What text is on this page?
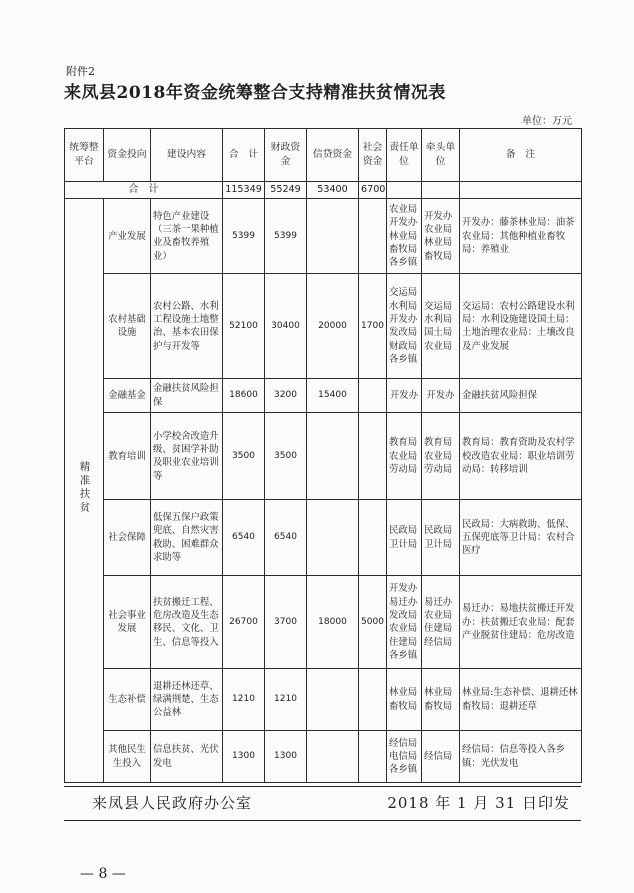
附件2
来凤县2018年资金统筹整合支持精准扶贫情况表
单位：万元
统筹整平台	资金投向	建设内容	合　计	财政资金	信贷资金	社会资金	责任单位	牵头单位	备　注
合　计			115349	55249	53400	6700			
精准扶贫	产业发展	特色产业建设（三茶一果种植业及畜牧养殖业）	5399	5399			农业局开发办林业局畜牧局各乡镇	开发办农业局林业局畜牧局	开发办：藤茶林业局：油茶农业局：其他种植业畜牧局：养殖业
	农村基础设施	农村公路、水利工程设施土地整治、基本农田保护与开发等	52100	30400	20000	1700	交运局水利局开发办发改局财政局各乡镇	交运局水利局国土局农业局	交运局：农村公路建设水利局：水利设施建设国土局：土地治理农业局：土壤改良及产业发展
	金融基金	金融扶贫风险担保	18600	3200	15400		开发办	开发办	金融扶贫风险担保
	教育培训	小学校舍改造升级、贫困学补助及职业农业培训等	3500	3500			教育局农业局劳动局	教育局农业局劳动局	教育局：教育资助及农村学校改造农业局：职业培训劳动局：转移培训
	社会保障	低保五保户政策兜底、自然灾害救助、困难群众求助等	6540	6540			民政局卫计局	民政局卫计局	民政局：大病救助、低保、五保兜底等卫计局：农村合医疗
	社会事业发展	扶贫搬迁工程、危房改造及生态移民、文化、卫生、信息等投入	26700	3700	18000	5000	开发办易迁办发改局农业局住建局各乡镇	易迁办农业局住建局经信局	易迁办：易地扶贫搬迁开发办：扶贫搬迁农业局：配套产业脱贫住建局：危房改造
	生态补偿	退耕还林还草、绿满荆楚、生态公益林	1210	1210			林业局畜牧局	林业局畜牧局	林业局:生态补偿、退耕还林畜牧局：退耕还草
	其他民生生投入	信息扶贫、光伏发电	1300	1300			经信局电信局各乡镇	经信局	经信局：信息等投入各乡镇：光伏发电
来凤县人民政府办公室	2018 年 1 月 31 日印发
— 8 —
